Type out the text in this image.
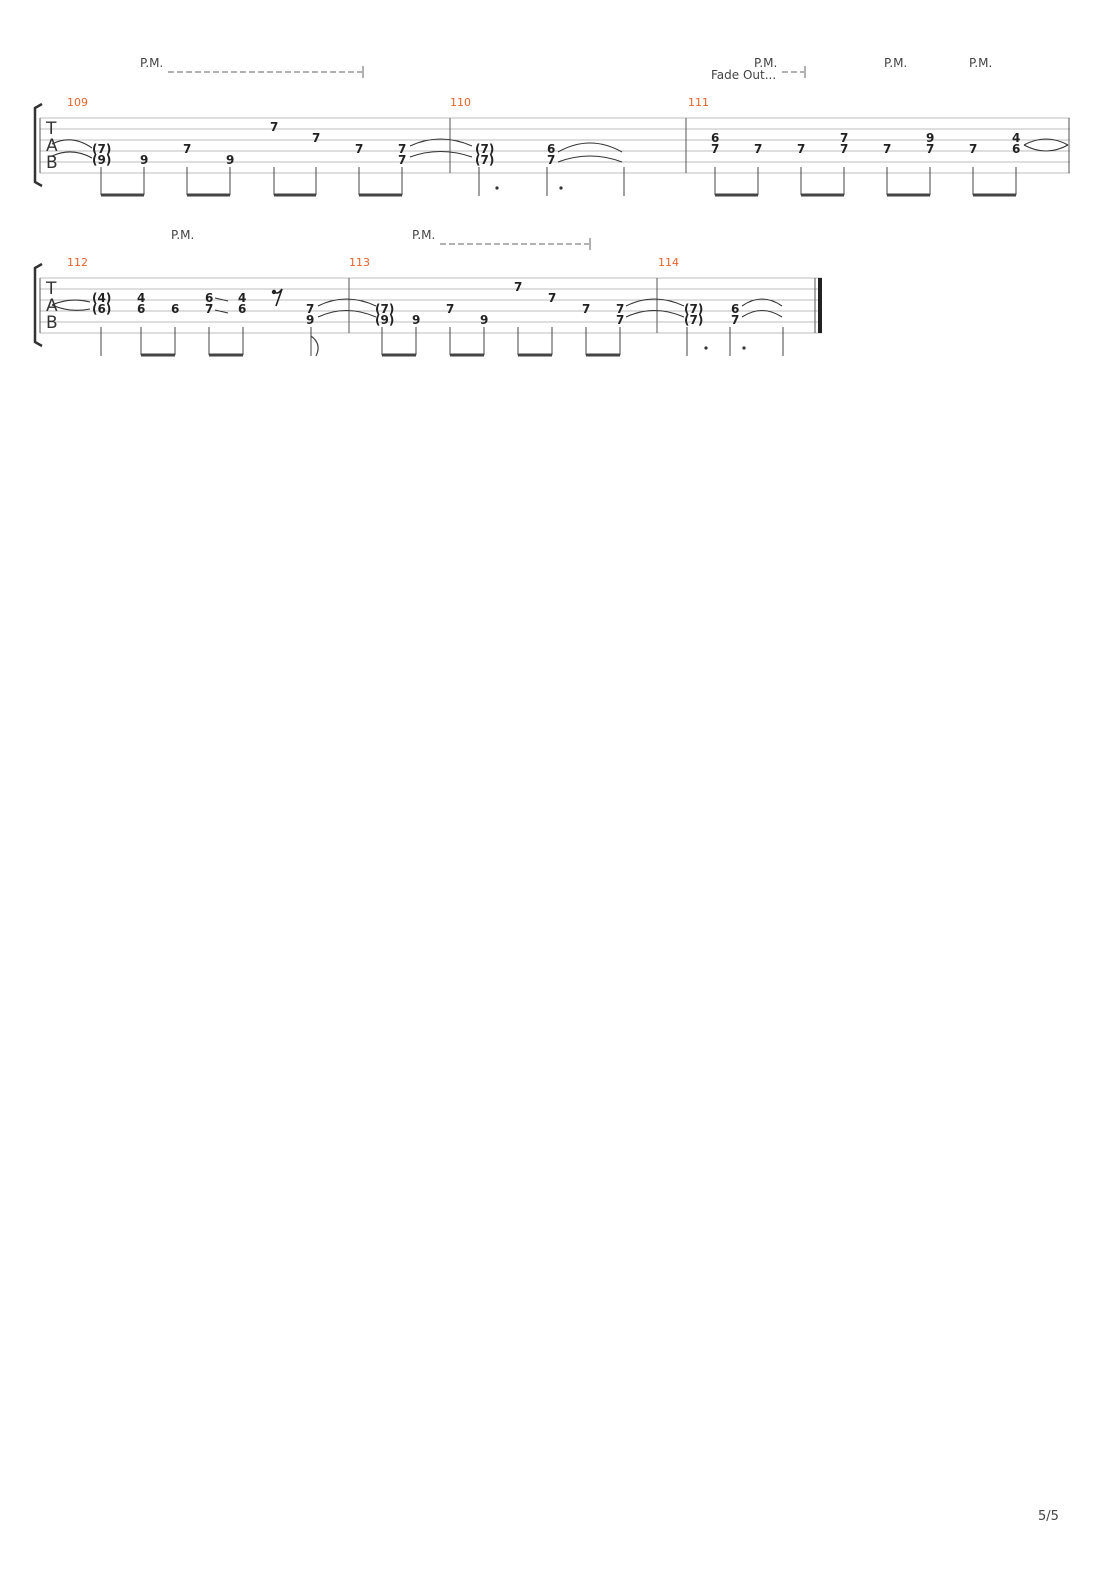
T
A
B
109	110	111
P.M.	P.M.
Fade Out...
P.M.	P.M.
(7)
(9) 9
7
9
7
7
7	7
7
(7)
(7)
6
7
6
7	7	7
7
7	7
9
7	7
4
6
T
A
B
112	113	114
P.M.	P.M.
(4)
(6)
4
6 6
6
7
4
6	7
9
(7)
(9) 9
7
9
7
7
7 7
7
(7)
(7)
6
7
5/5
